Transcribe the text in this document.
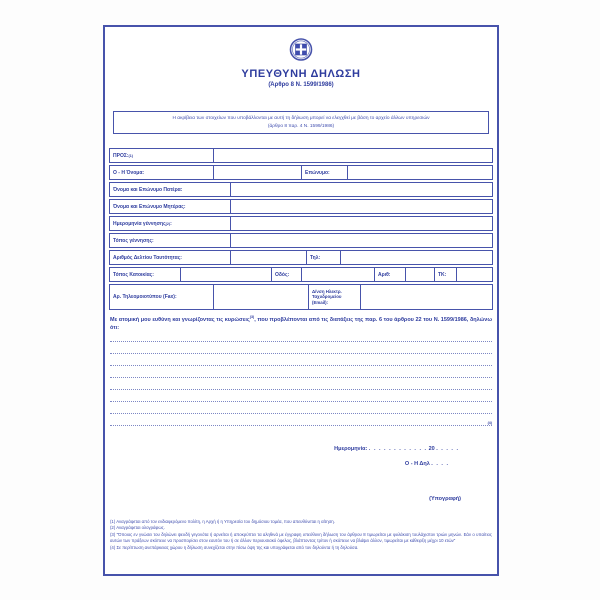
ΥΠΕΥΘΥΝΗ ΔΗΛΩΣΗ
(Άρθρο 8 Ν. 1599/1986)
Η ακρίβεια των στοιχείων που υποβάλλονται με αυτή τη δήλωση μπορεί να ελεγχθεί με βάση το αρχείο άλλων υπηρεσιών
(άρθρο 8 παρ. 4 Ν. 1599/1986)
ΠΡΟΣ: (1)
Ο - Η Όνομα:	Επώνυμο:
Όνομα και Επώνυμο Πατέρα:
Όνομα και Επώνυμο Μητέρας:
Ημερομηνία γέννησης (2) :
Τόπος γέννησης:
Αριθμός Δελτίου Ταυτότητας:	Τηλ:
Τόπος Κατοικίας:	Οδός:	Αριθ:	ΤΚ:
Αρ. Τηλεομοιοτύπου (Fax):
Δ/νση Ηλεκτρ. Ταχυδρομείου (Εmail):
Με ατομική μου ευθύνη και γνωρίζοντας τις κυρώσεις$^{(3)}$, που προβλέπονται από τις διατάξεις της παρ. 6 του άρθρου 22 του Ν. 1599/1986, δηλώνω ότι:
(4)
Ημερομηνία: . . . . . . . . . . . . 20 . . . . .
Ο - Η Δηλ . . . .
(Υπογραφή)
(1) Αναγράφεται από τον ενδιαφερόμενο πολίτη, η Αρχή ή η Υπηρεσία του δημόσιου τομέα, που απευθύνεται η αίτηση.
(2) Αναγράφεται ολογράφως.
(3) "Όποιος εν γνώσει του δηλώνει ψευδή γεγονότα ή αρνείται ή αποκρύπτει τα αληθινά με έγγραφη υπεύθυνη δήλωση του άρθρου 8 τιμωρείται με φυλάκιση τουλάχιστον τριών μηνών. Εάν ο υπαίτιος αυτών των πράξεων σκόπευε να προσπορίσει στον εαυτόν του ή σε άλλον περιουσιακό όφελος, βλάπτοντας τρίτον ή σκόπευε να βλάψει άλλον, τιμωρείται με κάθειρξη μέχρι 10 ετών"
(4) Σε περίπτωση ανεπάρκειας χώρου η δήλωση συνεχίζεται στην πίσω όψη της και υπογράφεται από τον δηλούντα ή τη δηλούσα.
